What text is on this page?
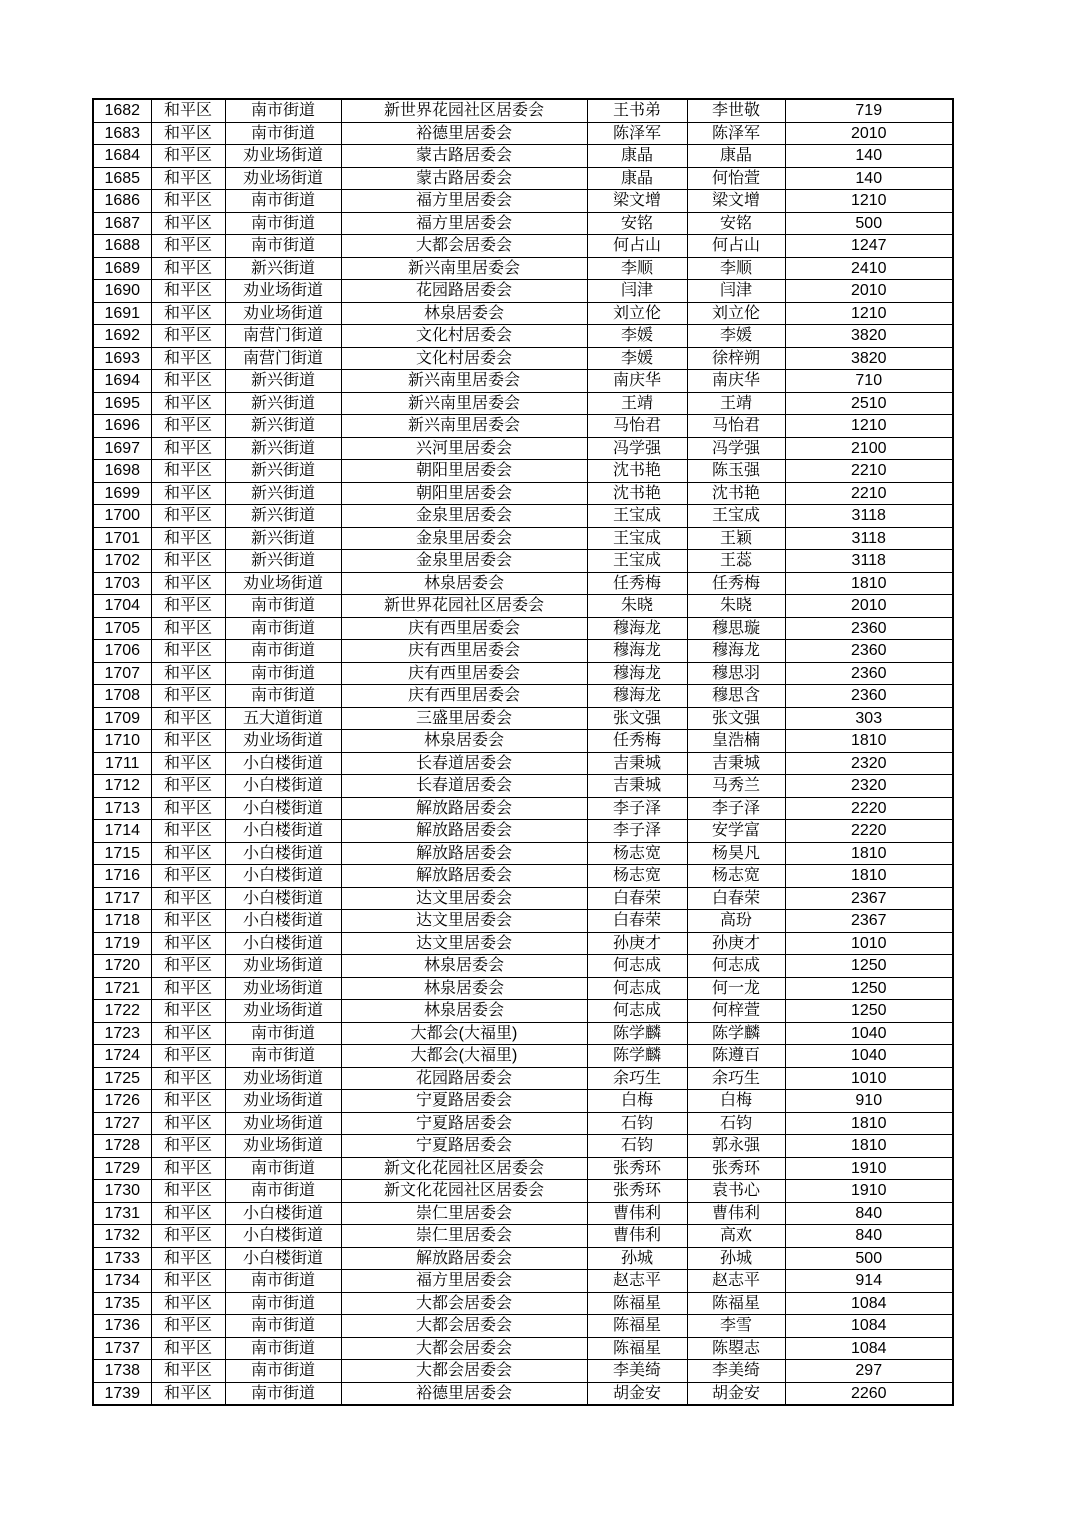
1682	和平区	南市街道	新世界花园社区居委会	王书弟	李世敬	719
1683	和平区	南市街道	裕德里居委会	陈泽军	陈泽军	2010
1684	和平区	劝业场街道	蒙古路居委会	康晶	康晶	140
1685	和平区	劝业场街道	蒙古路居委会	康晶	何怡萱	140
1686	和平区	南市街道	福方里居委会	梁文增	梁文增	1210
1687	和平区	南市街道	福方里居委会	安铭	安铭	500
1688	和平区	南市街道	大都会居委会	何占山	何占山	1247
1689	和平区	新兴街道	新兴南里居委会	李顺	李顺	2410
1690	和平区	劝业场街道	花园路居委会	闫津	闫津	2010
1691	和平区	劝业场街道	林泉居委会	刘立伦	刘立伦	1210
1692	和平区	南营门街道	文化村居委会	李媛	李媛	3820
1693	和平区	南营门街道	文化村居委会	李媛	徐梓朔	3820
1694	和平区	新兴街道	新兴南里居委会	南庆华	南庆华	710
1695	和平区	新兴街道	新兴南里居委会	王靖	王靖	2510
1696	和平区	新兴街道	新兴南里居委会	马怡君	马怡君	1210
1697	和平区	新兴街道	兴河里居委会	冯学强	冯学强	2100
1698	和平区	新兴街道	朝阳里居委会	沈书艳	陈玉强	2210
1699	和平区	新兴街道	朝阳里居委会	沈书艳	沈书艳	2210
1700	和平区	新兴街道	金泉里居委会	王宝成	王宝成	3118
1701	和平区	新兴街道	金泉里居委会	王宝成	王颖	3118
1702	和平区	新兴街道	金泉里居委会	王宝成	王蕊	3118
1703	和平区	劝业场街道	林泉居委会	任秀梅	任秀梅	1810
1704	和平区	南市街道	新世界花园社区居委会	朱晓	朱晓	2010
1705	和平区	南市街道	庆有西里居委会	穆海龙	穆思璇	2360
1706	和平区	南市街道	庆有西里居委会	穆海龙	穆海龙	2360
1707	和平区	南市街道	庆有西里居委会	穆海龙	穆思羽	2360
1708	和平区	南市街道	庆有西里居委会	穆海龙	穆思含	2360
1709	和平区	五大道街道	三盛里居委会	张文强	张文强	303
1710	和平区	劝业场街道	林泉居委会	任秀梅	皇浩楠	1810
1711	和平区	小白楼街道	长春道居委会	吉秉城	吉秉城	2320
1712	和平区	小白楼街道	长春道居委会	吉秉城	马秀兰	2320
1713	和平区	小白楼街道	解放路居委会	李子泽	李子泽	2220
1714	和平区	小白楼街道	解放路居委会	李子泽	安学富	2220
1715	和平区	小白楼街道	解放路居委会	杨志宽	杨昊凡	1810
1716	和平区	小白楼街道	解放路居委会	杨志宽	杨志宽	1810
1717	和平区	小白楼街道	达文里居委会	白春荣	白春荣	2367
1718	和平区	小白楼街道	达文里居委会	白春荣	高玢	2367
1719	和平区	小白楼街道	达文里居委会	孙庚才	孙庚才	1010
1720	和平区	劝业场街道	林泉居委会	何志成	何志成	1250
1721	和平区	劝业场街道	林泉居委会	何志成	何一龙	1250
1722	和平区	劝业场街道	林泉居委会	何志成	何梓萱	1250
1723	和平区	南市街道	大都会(大福里)	陈学麟	陈学麟	1040
1724	和平区	南市街道	大都会(大福里)	陈学麟	陈遵百	1040
1725	和平区	劝业场街道	花园路居委会	余巧生	余巧生	1010
1726	和平区	劝业场街道	宁夏路居委会	白梅	白梅	910
1727	和平区	劝业场街道	宁夏路居委会	石钧	石钧	1810
1728	和平区	劝业场街道	宁夏路居委会	石钧	郭永强	1810
1729	和平区	南市街道	新文化花园社区居委会	张秀环	张秀环	1910
1730	和平区	南市街道	新文化花园社区居委会	张秀环	袁书心	1910
1731	和平区	小白楼街道	崇仁里居委会	曹伟利	曹伟利	840
1732	和平区	小白楼街道	崇仁里居委会	曹伟利	高欢	840
1733	和平区	小白楼街道	解放路居委会	孙城	孙城	500
1734	和平区	南市街道	福方里居委会	赵志平	赵志平	914
1735	和平区	南市街道	大都会居委会	陈福星	陈福星	1084
1736	和平区	南市街道	大都会居委会	陈福星	李雪	1084
1737	和平区	南市街道	大都会居委会	陈福星	陈曌志	1084
1738	和平区	南市街道	大都会居委会	李美绮	李美绮	297
1739	和平区	南市街道	裕德里居委会	胡金安	胡金安	2260
